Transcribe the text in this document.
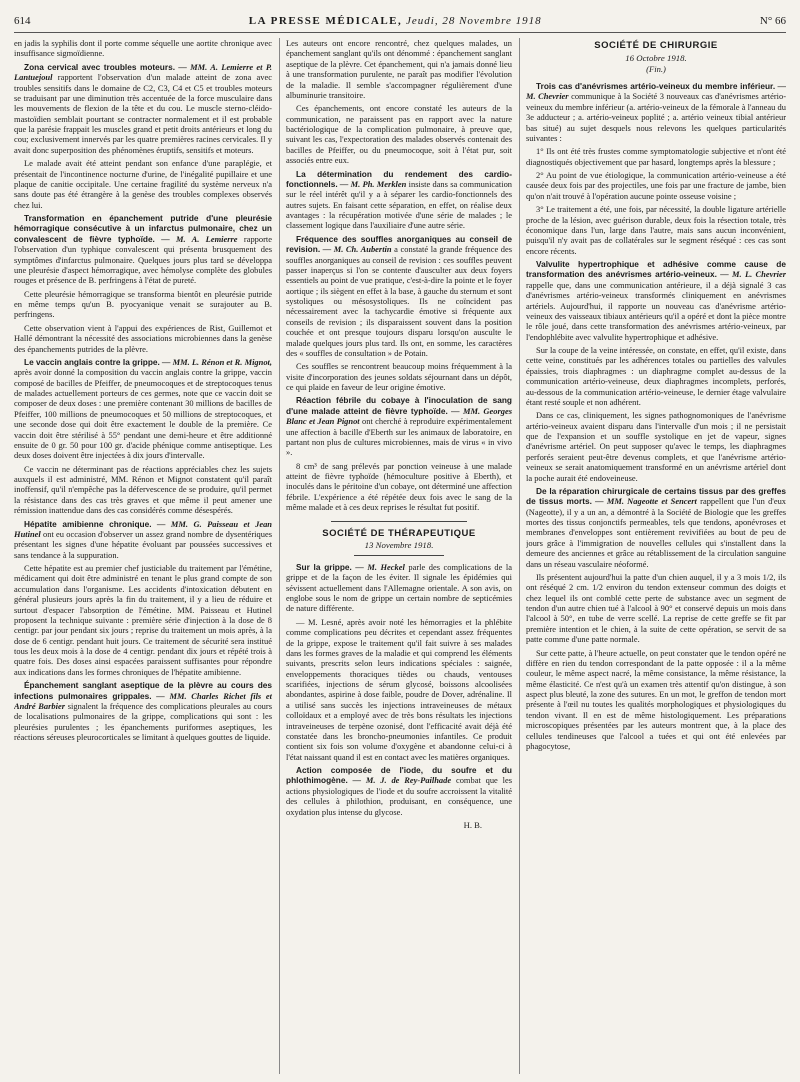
614	LA PRESSE MÉDICALE, Jeudi, 28 Novembre 1918	N° 66

en jadis la syphilis dont il porte comme séquelle une aortite chronique avec insuffisance sigmoïdienne.

Zona cervical avec troubles moteurs. — MM. A. Lemierre et P. Lantuejoul rapportent l'observation d'un malade atteint de zona avec troubles sensitifs dans le domaine de C2, C3, C4 et C5 et troubles moteurs se traduisant par une diminution très accentuée de la force musculaire dans les mouvements de flexion de la tête et du cou. Le muscle sterno-cléido-mastoïdien semblait pourtant se contracter normalement et il est probable que la parésie frappait les muscles grand et petit droits antérieurs et long du cou; exclusivement innervés par les quatre premières racines cervicales. Il y avait donc superposition des phénomènes éruptifs, sensitifs et moteurs.

Le malade avait été atteint pendant son enfance d'une paraplégie, et présentait de l'incontinence nocturne d'urine, de l'inégalité pupillaire et une plaque de canitie occipitale. Une certaine fragilité du système nerveux n'a sans doute pas été étrangère à la genèse des troubles complexes observés chez lui.

Transformation en épanchement putride d'une pleurésie hémorragique consécutive à un infarctus pulmonaire, chez un convalescent de fièvre typhoïde. — M. A. Lemierre rapporte l'observation d'un typhique convalescent qui présenta brusquement des symptômes d'infarctus pulmonaire. Quelques jours plus tard se développa une pleurésie d'aspect hémorragique, avec hémolyse complète des globules rouges et présence de B. perfringens à l'état de pureté.

Cette pleurésie hémorragique se transforma bientôt en pleurésie putride en même temps qu'un B. pyocyanique venait se surajouter au B. perfringens.

Cette observation vient à l'appui des expériences de Rist, Guillemot et Hallé démontrant la nécessité des associations microbiennes dans la genèse des épanchements putrides de la plèvre.

Le vaccin anglais contre la grippe. — MM. L. Rénon et R. Mignot, après avoir donné la composition du vaccin anglais contre la grippe, vaccin composé de bacilles de Pfeiffer, de pneumocoques et de streptocoques tenus de malades actuellement porteurs de ces germes, note que ce vaccin doit se composer de deux doses : une première contenant 30 millions de bacilles de Pfeiffer, 100 millions de pneumocoques et 50 millions de streptocoques, et une seconde dose qui doit être exactement le double de la première. Ce vaccin doit être stérilisé à 55° pendant une demi-heure et être additionné ensuite de 0 gr. 50 pour 100 gr. d'acide phénique comme antiseptique. Les deux doses doivent être injectées à dix jours d'intervalle.

Ce vaccin ne déterminant pas de réactions appréciables chez les sujets auxquels il est administré, MM. Rénon et Mignot constatent qu'il paraît inoffensif, qu'il n'empêche pas la défervescence de se produire, qu'il permet la résistance dans des cas très graves et que même il peut amener une rémission inattendue dans des cas considérés comme désespérés.

Hépatite amibienne chronique. — MM. G. Paisseau et Jean Hutinel ont eu occasion d'observer un assez grand nombre de dysentériques présentant les signes d'une hépatite évoluant par poussées successives et sans tendance à la suppuration.

Cette hépatite est au premier chef justiciable du traitement par l'émétine, médicament qui doit être administré en tenant le plus grand compte de son accumulation dans l'organisme. Les accidents d'intoxication débutent en général plusieurs jours après la fin du traitement, il y a lieu de réduire et surtout d'espacer l'absorption de l'émétine. MM. Paisseau et Hutinel proposent la technique suivante : première série d'injection à la dose de 8 centigr. par jour pendant six jours ; reprise du traitement un mois après, à la dose de 6 centigr. pendant huit jours. Ce traitement de sécurité sera institué tous les deux mois à la dose de 4 centigr. pendant dix jours et répété trois à quatre fois. Des doses ainsi espacées paraissent suffisantes pour répondre aux indications dans les formes chroniques de l'hépatite amibienne.

Épanchement sanglant aseptique de la plèvre au cours des infections pulmonaires grippales. — MM. Charles Richet fils et André Barbier signalent la fréquence des complications pleurales au cours de localisations pulmonaires de la grippe, complications qui sont : les pleurésies purulentes ; les épanchements puriformes aseptiques, les réactions séreuses pleurocorticales se limitant à quelques gouttes de liquide.

Les auteurs ont encore rencontré, chez quelques malades, un épanchement sanglant qu'ils ont dénommé : épanchement sanglant aseptique de la plèvre. Cet épanchement, qui n'a jamais donné lieu à une transformation purulente, ne paraît pas modifier l'évolution de la maladie. Il semble s'accompagner régulièrement d'une albuminurie transitoire.

Ces épanchements, ont encore constaté les auteurs de la communication, ne paraissent pas en rapport avec la nature bactériologique de la complication pulmonaire, à preuve que, suivant les cas, l'expectoration des malades observés contenait des bacilles de Pfeiffer, ou du pneumocoque, soit à l'état pur, soit associés entre eux.

La détermination du rendement des cardio-fonctionnels. — M. Ph. Merklen insiste dans sa communication sur le réel intérêt qu'il y a à séparer les cardio-fonctionnels des autres sujets. En faisant cette séparation, en effet, on réalise deux avantages : la récupération motivée d'une série de malades ; le classement logique dans l'auxiliaire d'une autre série.

Fréquence des souffles anorganiques au conseil de revision. — M. Ch. Aubertin a constaté la grande fréquence des souffles anorganiques au conseil de revision : ces souffles peuvent passer inaperçus si l'on se contente d'ausculter aux deux foyers essentiels au point de vue pratique, c'est-à-dire la pointe et le foyer aortique ; ils siègent en effet à la base, à gauche du sternum et sont systoliques ou mésosystoliques. Ils ne coïncident pas nécessairement avec la tachycardie émotive si fréquente aux conseils de revision ; ils disparaissent souvent dans la position couchée et ont presque toujours disparu lorsqu'on ausculte le malade quelques jours plus tard. Ils ont, en somme, les caractères des « souffles de consultation » de Potain.

Ces souffles se rencontrent beaucoup moins fréquemment à la visite d'incorporation des jeunes soldats séjournant dans un dépôt, ce qui plaide en faveur de leur origine émotive.

Réaction fébrile du cobaye à l'inoculation de sang d'une malade atteint de fièvre typhoïde. — MM. Georges Blanc et Jean Pignot ont cherché à reproduire expérimentalement une affection à bacille d'Eberth sur les animaux de laboratoire, en partant non plus de cultures microbiennes, mais de virus « in vivo ».

8 cm³ de sang prélevés par ponction veineuse à une malade atteint de fièvre typhoïde (hémoculture positive à Eberth), et inoculés dans le péritoine d'un cobaye, ont déterminé une affection fébrile. L'expérience a été répétée deux fois avec le sang de la même malade et à ces deux reprises le résultat fut positif.

SOCIÉTÉ DE THÉRAPEUTIQUE
13 Novembre 1918.

Sur la grippe. — M. Heckel parle des complications de la grippe et de la façon de les éviter. Il signale les épidémies qui sévissent actuellement dans l'Allemagne orientale. A son avis, on englobe sous le nom de grippe un certain nombre de septicémies de nature différente.

— M. Lesné, après avoir noté les hémorragies et la phlébite comme complications peu décrites et cependant assez fréquentes de la grippe, expose le traitement qu'il fait suivre à ses malades dans les formes graves de la maladie et qui comprend les éléments suivants, prescrits selon leurs indications spéciales : saignée, enveloppements thoraciques tièdes ou chauds, ventouses scarifiées, injections de sérum glycosé, boissons alcoolisées abondantes, aspirine à dose faible, poudre de Dover, adrénaline. Il a utilisé sans succès les injections intraveineuses de métaux colloïdaux et a employé avec de très bons résultats les injections intraveineuses de terpène ozonisé, dont l'efficacité avait déjà été constatée dans les broncho-pneumonies infantiles. Ce produit contient six fois son volume d'oxygène et abandonne celui-ci à l'état naissant quand il est en contact avec les matières organiques.

Action composée de l'iode, du soufre et du phlothimogène. — M. J. de Rey-Pailhade combat que les actions physiologiques de l'iode et du soufre accroissent la vitalité des cellules à philothion, produisant, en conséquence, une oxydation plus intense du glycose.

H. B.
SOCIÉTÉ DE CHIRURGIE
16 Octobre 1918.
(Fin.)

Trois cas d'anévrismes artério-veineux du membre inférieur. — M. Chevrier communique à la Société 3 nouveaux cas d'anévrismes artério-veineux du membre inférieur (a. artério-veineux de la fémorale à l'anneau du 3e adducteur ; a. artério-veineux poplité ; a. artério veineux tibial antérieur bas situé) au sujet desquels nous relevons les quelques particularités suivantes :

1° Ils ont été très frustes comme symptomatologie subjective et n'ont été diagnostiqués objectivement que par hasard, longtemps après la blessure ;

2° Au point de vue étiologique, la communication artério-veineuse a été causée deux fois par des projectiles, une fois par une fracture de jambe, bien qu'on n'ait trouvé à l'opération aucune pointe osseuse voisine ;

3° Le traitement a été, une fois, par nécessité, la double ligature artérielle proche de la lésion, avec guérison durable, deux fois la résection totale, très économique dans l'un, large dans l'autre, mais sans aucun inconvénient, puisqu'il n'y avait pas de collatérales sur le segment réséqué : ces cas sont encore récents.

Valvulite hypertrophique et adhésive comme cause de transformation des anévrismes artério-veineux. — M. L. Chevrier rappelle que, dans une communication antérieure, il a déjà signalé 3 cas d'anévrismes artério-veineux transformés cliniquement en anévrismes artériels. Aujourd'hui, il rapporte un nouveau cas d'anévrisme artério-veineux des vaisseaux tibiaux antérieurs qu'il a opéré et dont la pièce montre le rôle joué, dans cette transformation des anévrismes artério-veineux, par l'endophlébite avec valvulite hypertrophique et adhésive.

Sur la coupe de la veine intéressée, on constate, en effet, qu'il existe, dans cette veine, constitués par les adhérences totales ou partielles des valvules épaissies, trois diaphragmes : un diaphragme complet au-dessus de la communication artério-veineuse, deux diaphragmes incomplets, perforés, au-dessous de la communication artério-veineuse, le dernier étage valvulaire étant resté souple et non adhérent.

Dans ce cas, cliniquement, les signes pathognomoniques de l'anévrisme artério-veineux avaient disparu dans l'intervalle d'un mois ; il ne persistait que de l'expansion et un souffle systolique en jet de vapeur, signes d'anévrisme artériel. On peut supposer qu'avec le temps, les diaphragmes perforés seraient peut-être devenus complets, et que l'anévrisme artério-veineux se serait anatomiquement transformé en un anévrisme artériel dont la poche aurait été endoveineuse.

De la réparation chirurgicale de certains tissus par des greffes de tissus morts. — MM. Nageotte et Sencert rappellent que l'un d'eux (Nageotte), il y a un an, a démontré à la Société de Biologie que les greffes mortes des tissus conjonctifs permeables, tels que tendons, aponévroses et membranes d'enveloppes sont entièrement revivifiées au bout de peu de jours grâce à l'immigration de nouvelles cellules qui s'installent dans la demeure des anciennes et grâce au rétablissement de la circulation sanguine dans un réseau vasculaire néoformé.

Ils présentent aujourd'hui la patte d'un chien auquel, il y a 3 mois 1/2, ils ont réséqué 2 cm. 1/2 environ du tendon extenseur commun des doigts et chez lequel ils ont comblé cette perte de substance avec un segment de tendon d'un autre chien tué à l'alcool à 90° et conservé depuis un mois dans l'alcool à 50°, en tube de verre scellé. La reprise de cette greffe se fit par première intention et le chien, à la suite de cette opération, se servit de sa patte comme d'une patte normale.

Sur cette patte, à l'heure actuelle, on peut constater que le tendon opéré ne diffère en rien du tendon correspondant de la patte opposée : il a la même couleur, le même aspect nacré, la même consistance, la même résistance, la même élasticité. Ce n'est qu'à un examen très attentif qu'on distingue, à son aspect plus bleuté, la zone des sutures. En un mot, le greffon de tendon mort présente à l'œil nu toutes les qualités morphologiques et physiologiques du tendon vivant. Il en est de même histologiquement. Les préparations microscopiques présentées par les auteurs montrent que, à la place des cellules tendineuses que l'alcool a tuées et qui ont été enlevées par phagocytose,
